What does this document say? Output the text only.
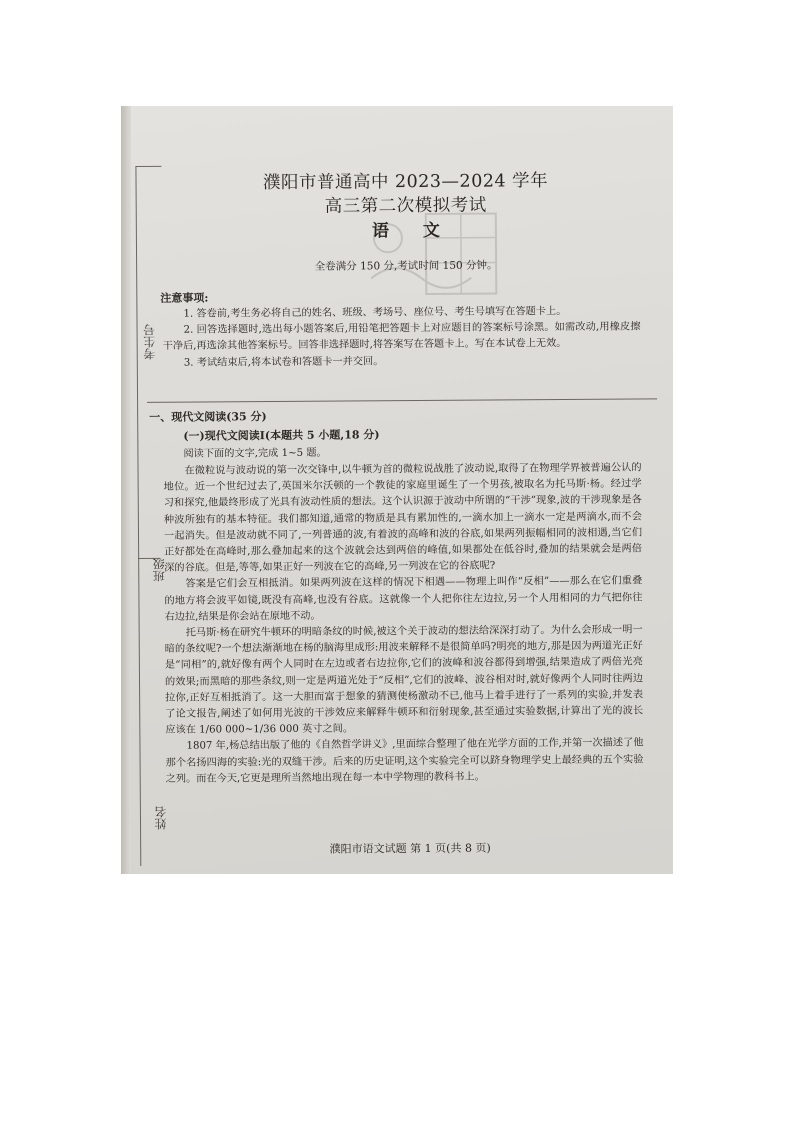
濮阳市普通高中 2023—2024 学年
高三第二次模拟考试
语 文
全卷满分 150 分,考试时间 150 分钟。
考生号
班级
姓名
注意事项:
1. 答卷前,考生务必将自己的姓名、班级、考场号、座位号、考生号填写在答题卡上。
2. 回答选择题时,选出每小题答案后,用铅笔把答题卡上对应题目的答案标号涂黑。如需改动,用橡皮擦干净后,再选涂其他答案标号。回答非选择题时,将答案写在答题卡上。写在本试卷上无效。
3. 考试结束后,将本试卷和答题卡一并交回。
一、现代文阅读(35 分)
(一)现代文阅读Ⅰ(本题共 5 小题,18 分)
阅读下面的文字,完成 1~5 题。
在微粒说与波动说的第一次交锋中,以牛顿为首的微粒说战胜了波动说,取得了在物理学界被普遍公认的地位。近一个世纪过去了,英国米尔沃顿的一个教徒的家庭里诞生了一个男孩,被取名为托马斯·杨。经过学习和探究,他最终形成了光具有波动性质的想法。这个认识源于波动中所谓的“干涉”现象,波的干涉现象是各种波所独有的基本特征。我们都知道,通常的物质是具有累加性的,一滴水加上一滴水一定是两滴水,而不会一起消失。但是波动就不同了,一列普通的波,有着波的高峰和波的谷底,如果两列振幅相同的波相遇,当它们正好都处在高峰时,那么叠加起来的这个波就会达到两倍的峰值,如果都处在低谷时,叠加的结果就会是两倍深的谷底。但是,等等,如果正好一列波在它的高峰,另一列波在它的谷底呢?
答案是它们会互相抵消。如果两列波在这样的情况下相遇——物理上叫作“反相”——那么在它们重叠的地方将会波平如镜,既没有高峰,也没有谷底。这就像一个人把你往左边拉,另一个人用相同的力气把你往右边拉,结果是你会站在原地不动。
托马斯·杨在研究牛顿环的明暗条纹的时候,被这个关于波动的想法给深深打动了。为什么会形成一明一暗的条纹呢?一个想法渐渐地在杨的脑海里成形:用波来解释不是很简单吗?明亮的地方,那是因为两道光正好是“同相”的,就好像有两个人同时在左边或者右边拉你,它们的波峰和波谷都得到增强,结果造成了两倍光亮的效果;而黑暗的那些条纹,则一定是两道光处于“反相”,它们的波峰、波谷相对时,就好像两个人同时往两边拉你,正好互相抵消了。这一大胆而富于想象的猜测使杨激动不已,他马上着手进行了一系列的实验,并发表了论文报告,阐述了如何用光波的干涉效应来解释牛顿环和衍射现象,甚至通过实验数据,计算出了光的波长应该在 1/60 000~1/36 000 英寸之间。
1807 年,杨总结出版了他的《自然哲学讲义》,里面综合整理了他在光学方面的工作,并第一次描述了他那个名扬四海的实验:光的双缝干涉。后来的历史证明,这个实验完全可以跻身物理学史上最经典的五个实验之列。而在今天,它更是理所当然地出现在每一本中学物理的教科书上。
濮阳市语文试题 第 1 页(共 8 页)
